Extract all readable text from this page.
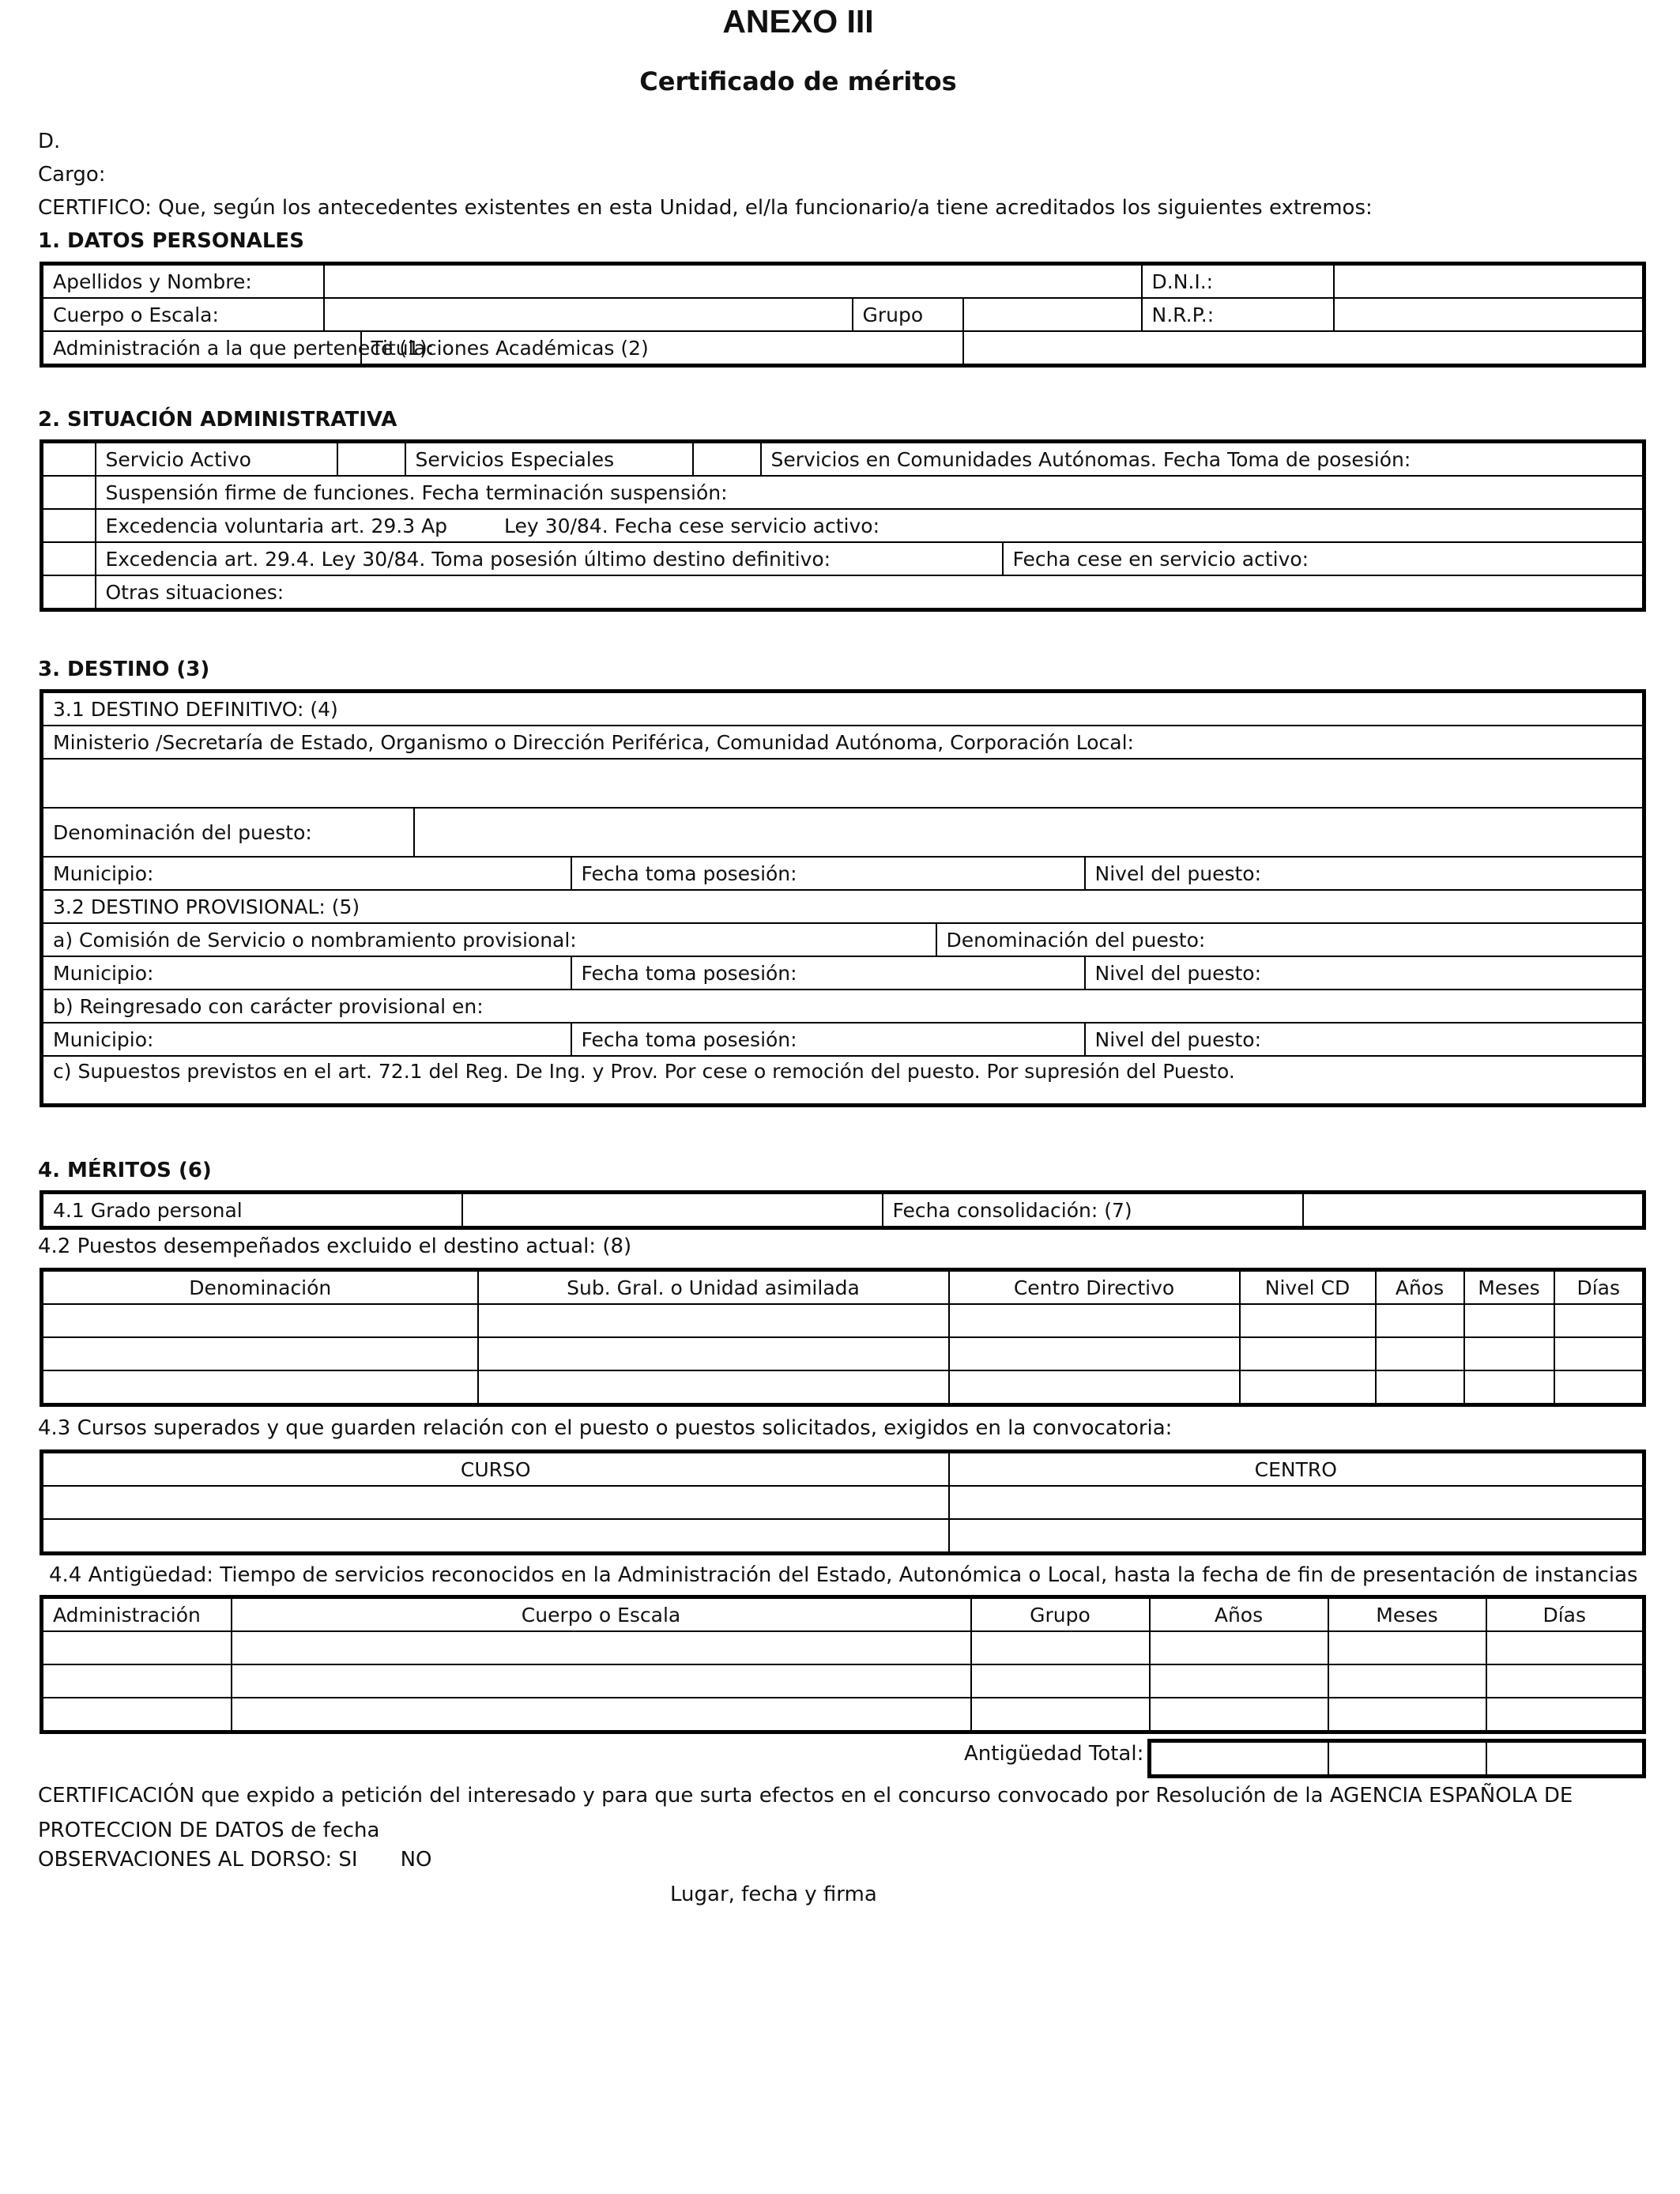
ANEXO III
Certificado de méritos
D.
Cargo:
CERTIFICO: Que, según los antecedentes existentes en esta Unidad, el/la funcionario/a tiene acreditados los siguientes extremos:
1. DATOS PERSONALES
Apellidos y Nombre:					D.N.I.:	
Cuerpo o Escala:			Grupo		N.R.P.:	
Administración a la que pertenece (1):		Titulaciones Académicas (2)				
2. SITUACIÓN ADMINISTRATIVA
	Servicio Activo		Servicios Especiales		Servicios en Comunidades Autónomas. Fecha Toma de posesión:	
	Suspensión firme de funciones. Fecha terminación suspensión:					
	Excedencia voluntaria art. 29.3 Ap Ley 30/84. Fecha cese servicio activo:					
	Excedencia art. 29.4. Ley 30/84. Toma posesión último destino definitivo:					Fecha cese en servicio activo:
	Otras situaciones:					
3. DESTINO (3)
3.1 DESTINO DEFINITIVO: (4)				
Ministerio /Secretaría de Estado, Organismo o Dirección Periférica, Comunidad Autónoma, Corporación Local:				

Denominación del puesto:				
Municipio:		Fecha toma posesión:		Nivel del puesto:
3.2 DESTINO PROVISIONAL: (5)				
a) Comisión de Servicio o nombramiento provisional:			Denominación del puesto:	
Municipio:		Fecha toma posesión:		Nivel del puesto:
b) Reingresado con carácter provisional en:				
Municipio:		Fecha toma posesión:		Nivel del puesto:
c) Supuestos previstos en el art. 72.1 del Reg. De Ing. y Prov. Por cese o remoción del puesto. Por supresión del Puesto.				
4. MÉRITOS (6)
4.1 Grado personal		Fecha consolidación: (7)	
4.2 Puestos desempeñados excluido el destino actual: (8)
Denominación	Sub. Gral. o Unidad asimilada	Centro Directivo	Nivel CD	Años	Meses	Días

4.3 Cursos superados y que guarden relación con el puesto o puestos solicitados, exigidos en la convocatoria:
CURSO	CENTRO

4.4 Antigüedad: Tiempo de servicios reconocidos en la Administración del Estado, Autonómica o Local, hasta la fecha de fin de presentación de instancias
Administración	Cuerpo o Escala	Grupo	Años	Meses	Días

Antigüedad Total:

CERTIFICACIÓN que expido a petición del interesado y para que surta efectos en el concurso convocado por Resolución de la AGENCIA ESPAÑOLA DE PROTECCION DE DATOS de fecha
OBSERVACIONES AL DORSO: SI NO
Lugar, fecha y firma
